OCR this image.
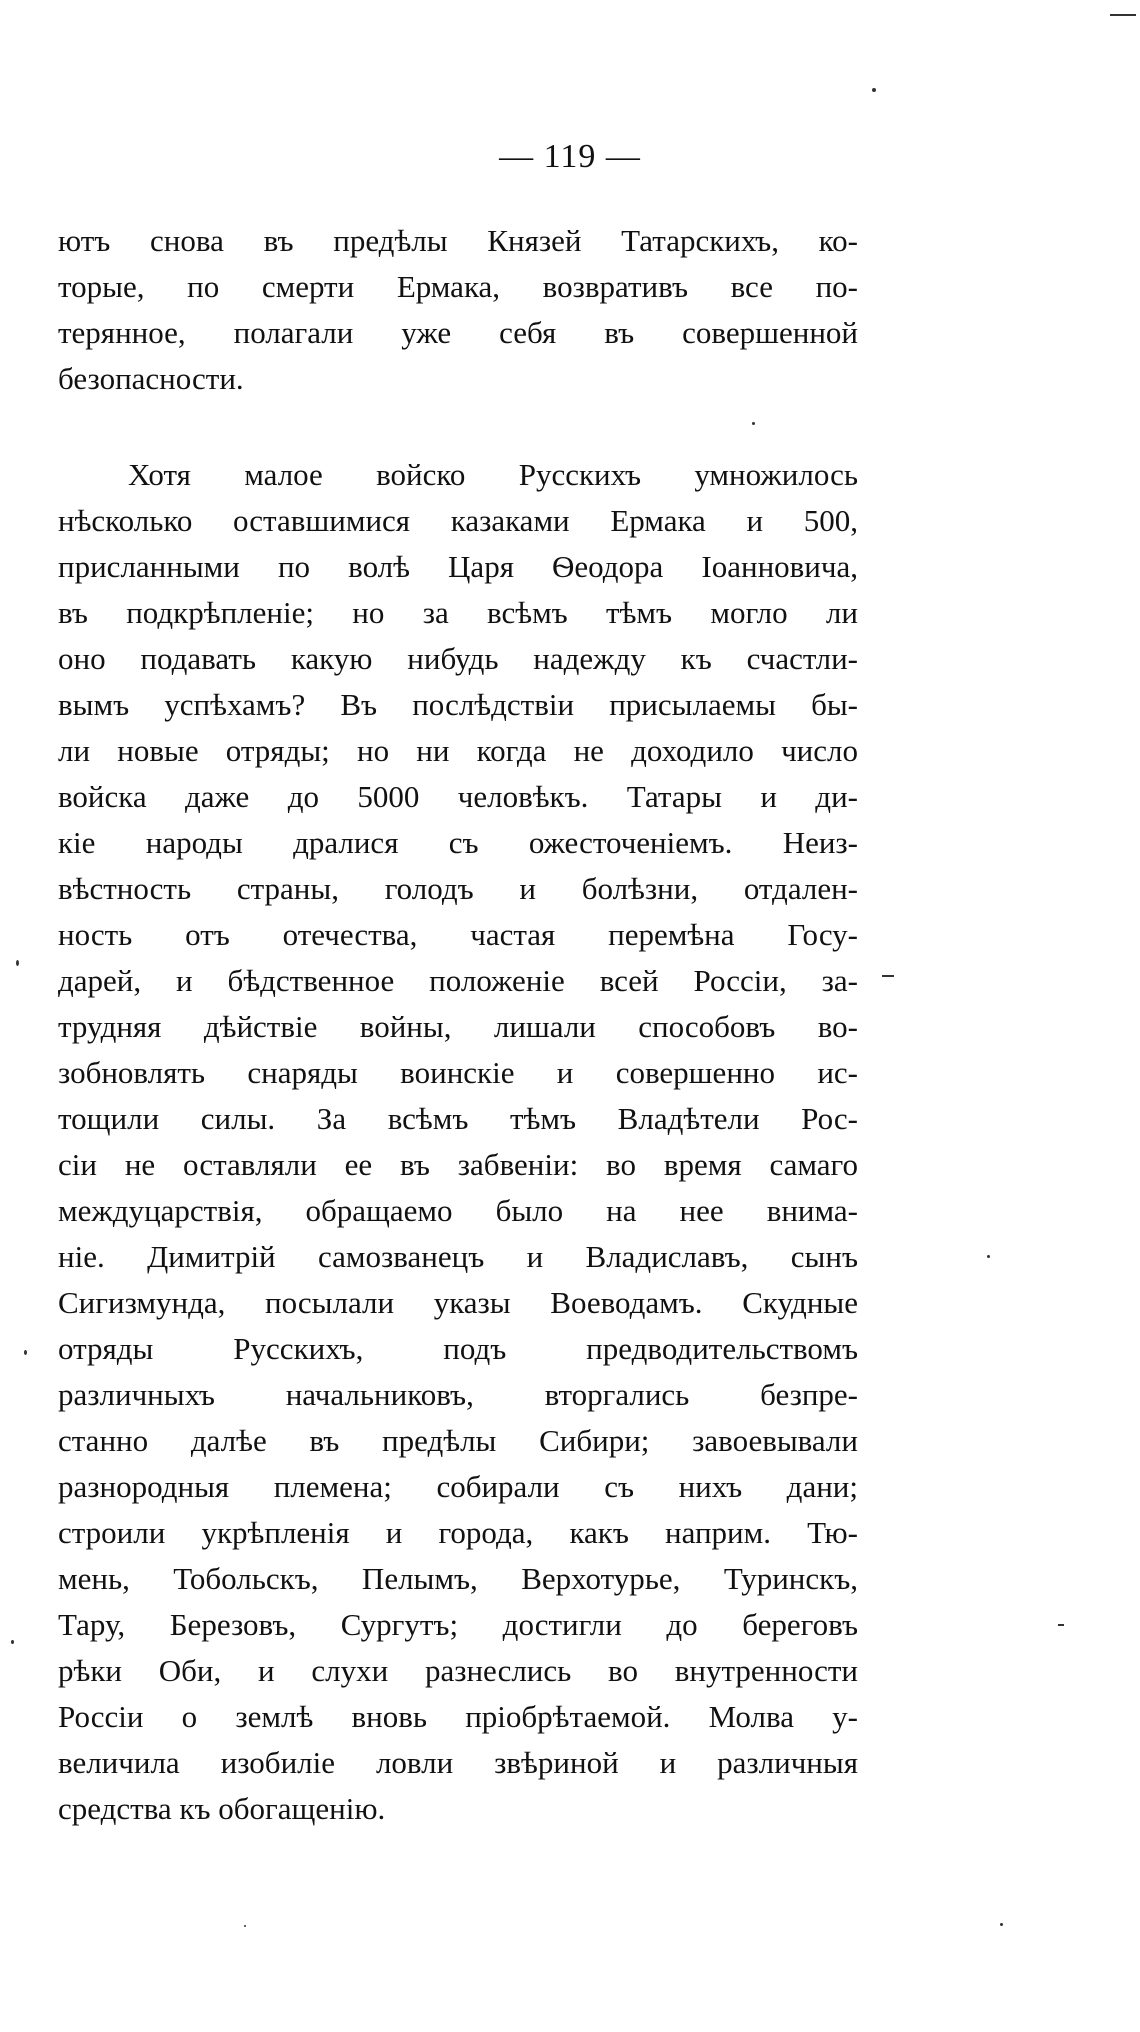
— 119 —
ютъ снова въ предѣлы Князей Татарскихъ, ко-
торые, по смерти Ермака, возвративъ все по-
терянное, полагали уже себя въ совершенной
безопасности.
Хотя малое войско Русскихъ умножилось
нѣсколько оставшимися казаками Ермака и 500,
присланными по волѣ Царя Ѳеодора Іоанновича,
въ подкрѣпленіе; но за всѣмъ тѣмъ могло ли
оно подавать какую нибудь надежду къ счастли-
вымъ успѣхамъ? Въ послѣдствіи присылаемы бы-
ли новые отряды; но ни когда не доходило число
войска даже до 5000 человѣкъ. Татары и ди-
кіе народы дралися съ ожесточеніемъ. Неиз-
вѣстность страны, голодъ и болѣзни, отдален-
ность отъ отечества, частая перемѣна Госу-
дарей, и бѣдственное положеніе всей Россіи, за-
трудняя дѣйствіе войны, лишали способовъ во-
зобновлять снаряды воинскіе и совершенно ис-
тощили силы. За всѣмъ тѣмъ Владѣтели Рос-
сіи не оставляли ее въ забвеніи: во время самаго
междуцарствія, обращаемо было на нее внима-
ніе. Димитрій самозванецъ и Владиславъ, сынъ
Сигизмунда, посылали указы Воеводамъ. Скудные
отряды Русскихъ, подъ предводительствомъ
различныхъ начальниковъ, вторгались безпре-
станно далѣе въ предѣлы Сибири; завоевывали
разнородныя племена; собирали съ нихъ дани;
строили укрѣпленія и города, какъ наприм. Тю-
мень, Тобольскъ, Пелымъ, Верхотурье, Туринскъ,
Тару, Березовъ, Сургутъ; достигли до береговъ
рѣки Оби, и слухи разнеслись во внутренности
Россіи о землѣ вновь пріобрѣтаемой. Молва у-
величила изобиліе ловли звѣриной и различныя
средства къ обогащенію.
